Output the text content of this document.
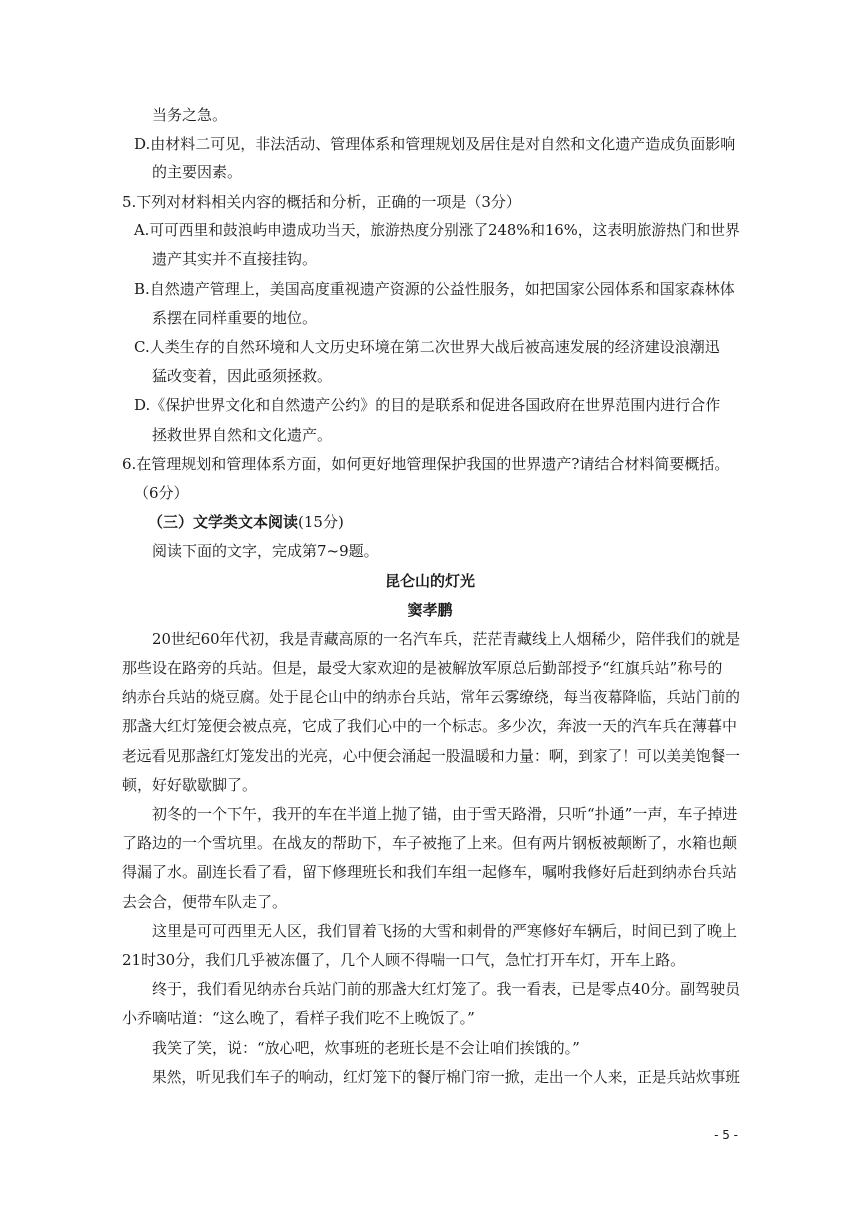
当务之急。
D.由材料二可见，非法活动、管理体系和管理规划及居住是对自然和文化遗产造成负面影响
的主要因素。
5.下列对材料相关内容的概括和分析，正确的一项是（3分）
A.可可西里和鼓浪屿申遗成功当天，旅游热度分别涨了248%和16%，这表明旅游热门和世界
遗产其实并不直接挂钩。
B.自然遗产管理上，美国高度重视遗产资源的公益性服务，如把国家公园体系和国家森林体
系摆在同样重要的地位。
C.人类生存的自然环境和人文历史环境在第二次世界大战后被高速发展的经济建设浪潮迅
猛改变着，因此亟须拯救。
D.《保护世界文化和自然遗产公约》的目的是联系和促进各国政府在世界范围内进行合作
拯救世界自然和文化遗产。
6.在管理规划和管理体系方面，如何更好地管理保护我国的世界遗产?请结合材料简要概括。
（6分）
（三）文学类文本阅读(15分)
阅读下面的文字，完成第7~9题。
昆仑山的灯光
窦孝鹏
20世纪60年代初，我是青藏高原的一名汽车兵，茫茫青藏线上人烟稀少，陪伴我们的就是
那些设在路旁的兵站。但是，最受大家欢迎的是被解放军原总后勤部授予“红旗兵站”称号的
纳赤台兵站的烧豆腐。处于昆仑山中的纳赤台兵站，常年云雾缭绕，每当夜幕降临，兵站门前的
那盏大红灯笼便会被点亮，它成了我们心中的一个标志。多少次，奔波一天的汽车兵在薄暮中
老远看见那盏红灯笼发出的光亮，心中便会涌起一股温暖和力量：啊，到家了！可以美美饱餐一
顿，好好歇歇脚了。
初冬的一个下午，我开的车在半道上抛了锚，由于雪天路滑，只听“扑通”一声，车子掉进
了路边的一个雪坑里。在战友的帮助下，车子被拖了上来。但有两片钢板被颠断了，水箱也颠
得漏了水。副连长看了看，留下修理班长和我们车组一起修车，嘱咐我修好后赶到纳赤台兵站
去会合，便带车队走了。
这里是可可西里无人区，我们冒着飞扬的大雪和刺骨的严寒修好车辆后，时间已到了晚上
21时30分，我们几乎被冻僵了，几个人顾不得喘一口气，急忙打开车灯，开车上路。
终于，我们看见纳赤台兵站门前的那盏大红灯笼了。我一看表，已是零点40分。副驾驶员
小乔嘀咕道：“这么晚了，看样子我们吃不上晚饭了。”
我笑了笑，说：“放心吧，炊事班的老班长是不会让咱们挨饿的。”
果然，听见我们车子的响动，红灯笼下的餐厅棉门帘一掀，走出一个人来，正是兵站炊事班
- 5 -
